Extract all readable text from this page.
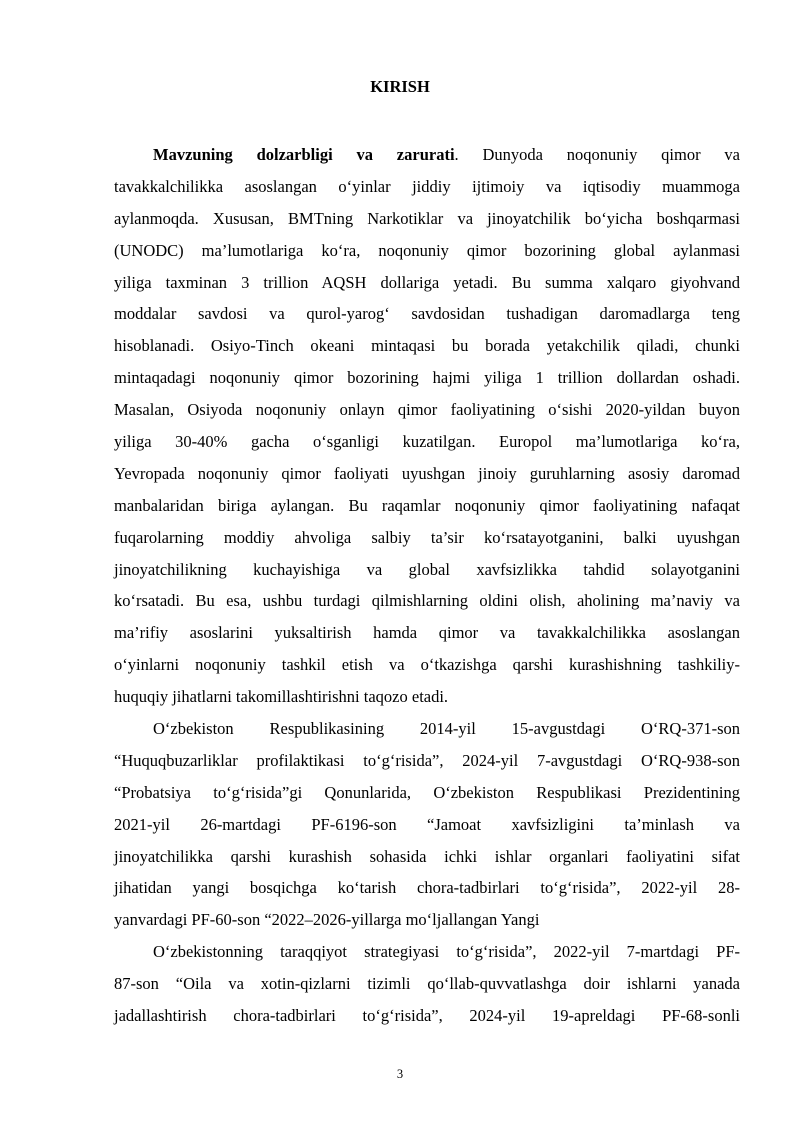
KIRISH
Mavzuning dolzarbligi va zarurati. Dunyoda noqonuniy qimor va
tavakkalchilikka asoslangan o‘yinlar jiddiy ijtimoiy va iqtisodiy muammoga
aylanmoqda. Xususan, BMTning Narkotiklar va jinoyatchilik bo‘yicha boshqarmasi
(UNODC) ma’lumotlariga ko‘ra, noqonuniy qimor bozorining global aylanmasi
yiliga taxminan 3 trillion AQSH dollariga yetadi. Bu summa xalqaro giyohvand
moddalar savdosi va qurol-yarog‘ savdosidan tushadigan daromadlarga teng
hisoblanadi. Osiyo-Tinch okeani mintaqasi bu borada yetakchilik qiladi, chunki
mintaqadagi noqonuniy qimor bozorining hajmi yiliga 1 trillion dollardan oshadi.
Masalan, Osiyoda noqonuniy onlayn qimor faoliyatining o‘sishi 2020-yildan buyon
yiliga 30-40% gacha o‘sganligi kuzatilgan. Europol ma’lumotlariga ko‘ra,
Yevropada noqonuniy qimor faoliyati uyushgan jinoiy guruhlarning asosiy daromad
manbalaridan biriga aylangan. Bu raqamlar noqonuniy qimor faoliyatining nafaqat
fuqarolarning moddiy ahvoliga salbiy ta’sir ko‘rsatayotganini, balki uyushgan
jinoyatchilikning kuchayishiga va global xavfsizlikka tahdid solayotganini
ko‘rsatadi. Bu esa, ushbu turdagi qilmishlarning oldini olish, aholining ma’naviy va
ma’rifiy asoslarini yuksaltirish hamda qimor va tavakkalchilikka asoslangan
o‘yinlarni noqonuniy tashkil etish va o‘tkazishga qarshi kurashishning tashkiliy-
huquqiy jihatlarni takomillashtirishni taqozo etadi.
O‘zbekiston Respublikasining 2014-yil 15-avgustdagi O‘RQ-371-son
“Huquqbuzarliklar profilaktikasi to‘g‘risida”, 2024-yil 7-avgustdagi O‘RQ-938-son
“Probatsiya to‘g‘risida”gi Qonunlarida, O‘zbekiston Respublikasi Prezidentining
2021-yil 26-martdagi PF-6196-son “Jamoat xavfsizligini ta’minlash va
jinoyatchilikka qarshi kurashish sohasida ichki ishlar organlari faoliyatini sifat
jihatidan yangi bosqichga ko‘tarish chora-tadbirlari to‘g‘risida”, 2022-yil 28-
yanvardagi PF-60-son “2022–2026-yillarga mo‘ljallangan Yangi
O‘zbekistonning taraqqiyot strategiyasi to‘g‘risida”, 2022-yil 7-martdagi PF-
87-son “Oila va xotin-qizlarni tizimli qo‘llab-quvvatlashga doir ishlarni yanada
jadallashtirish chora-tadbirlari to‘g‘risida”, 2024-yil 19-apreldagi PF-68-sonli
3
